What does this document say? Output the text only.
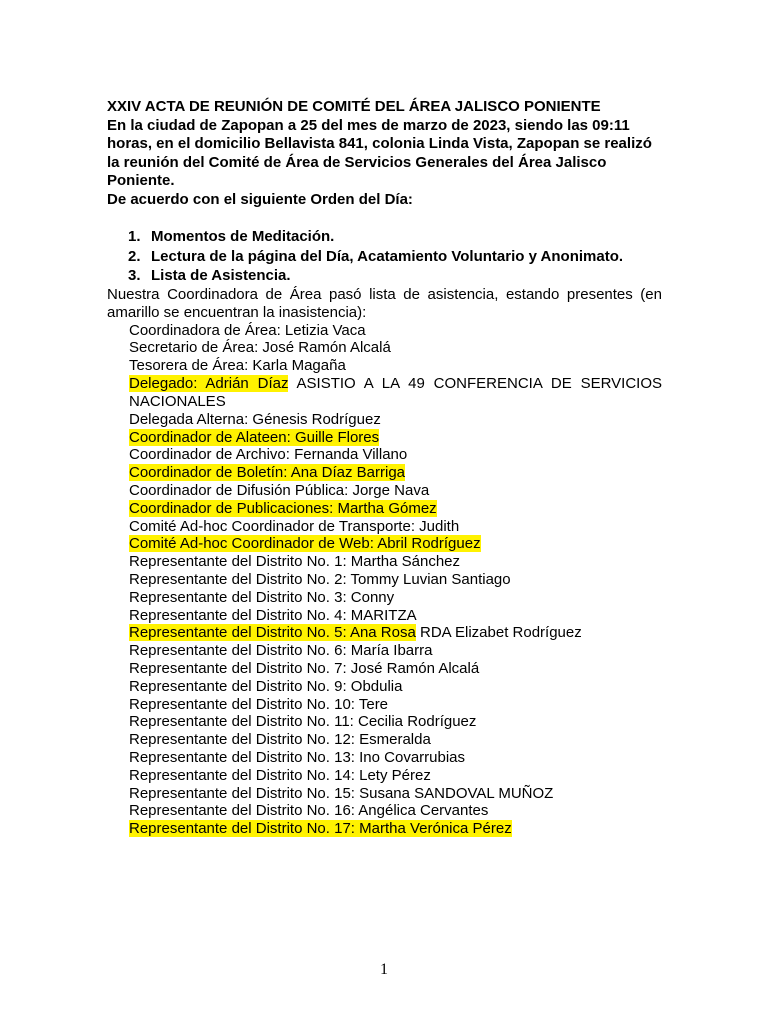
XXIV ACTA DE REUNIÓN DE COMITÉ DEL ÁREA JALISCO PONIENTE
En la ciudad de Zapopan a 25 del mes de marzo de 2023, siendo las 09:11
horas, en el domicilio Bellavista 841, colonia Linda Vista, Zapopan se realizó
la reunión del Comité de Área de Servicios Generales del Área Jalisco
Poniente.
De acuerdo con el siguiente Orden del Día:
1. Momentos de Meditación.
2. Lectura de la página del Día, Acatamiento Voluntario y Anonimato.
3. Lista de Asistencia.
Nuestra Coordinadora de Área pasó lista de asistencia, estando presentes (en amarillo se encuentran la inasistencia):
Coordinadora de Área: Letizia Vaca
Secretario de Área: José Ramón Alcalá
Tesorera de Área: Karla Magaña
Delegado: Adrián Díaz ASISTIO A LA 49 CONFERENCIA DE SERVICIOS NACIONALES
Delegada Alterna: Génesis Rodríguez
Coordinador de Alateen: Guille Flores
Coordinador de Archivo: Fernanda Villano
Coordinador de Boletín: Ana Díaz Barriga
Coordinador de Difusión Pública: Jorge Nava
Coordinador de Publicaciones: Martha Gómez
Comité Ad-hoc Coordinador de Transporte: Judith
Comité Ad-hoc Coordinador de Web: Abril Rodríguez
Representante del Distrito No. 1: Martha Sánchez
Representante del Distrito No. 2: Tommy Luvian Santiago
Representante del Distrito No. 3: Conny
Representante del Distrito No. 4: MARITZA
Representante del Distrito No. 5: Ana Rosa RDA Elizabet Rodríguez
Representante del Distrito No. 6: María Ibarra
Representante del Distrito No. 7: José Ramón Alcalá
Representante del Distrito No. 9: Obdulia
Representante del Distrito No. 10: Tere
Representante del Distrito No. 11: Cecilia Rodríguez
Representante del Distrito No. 12: Esmeralda
Representante del Distrito No. 13: Ino Covarrubias
Representante del Distrito No. 14: Lety Pérez
Representante del Distrito No. 15: Susana SANDOVAL MUÑOZ
Representante del Distrito No. 16: Angélica Cervantes
Representante del Distrito No. 17: Martha Verónica Pérez
1
